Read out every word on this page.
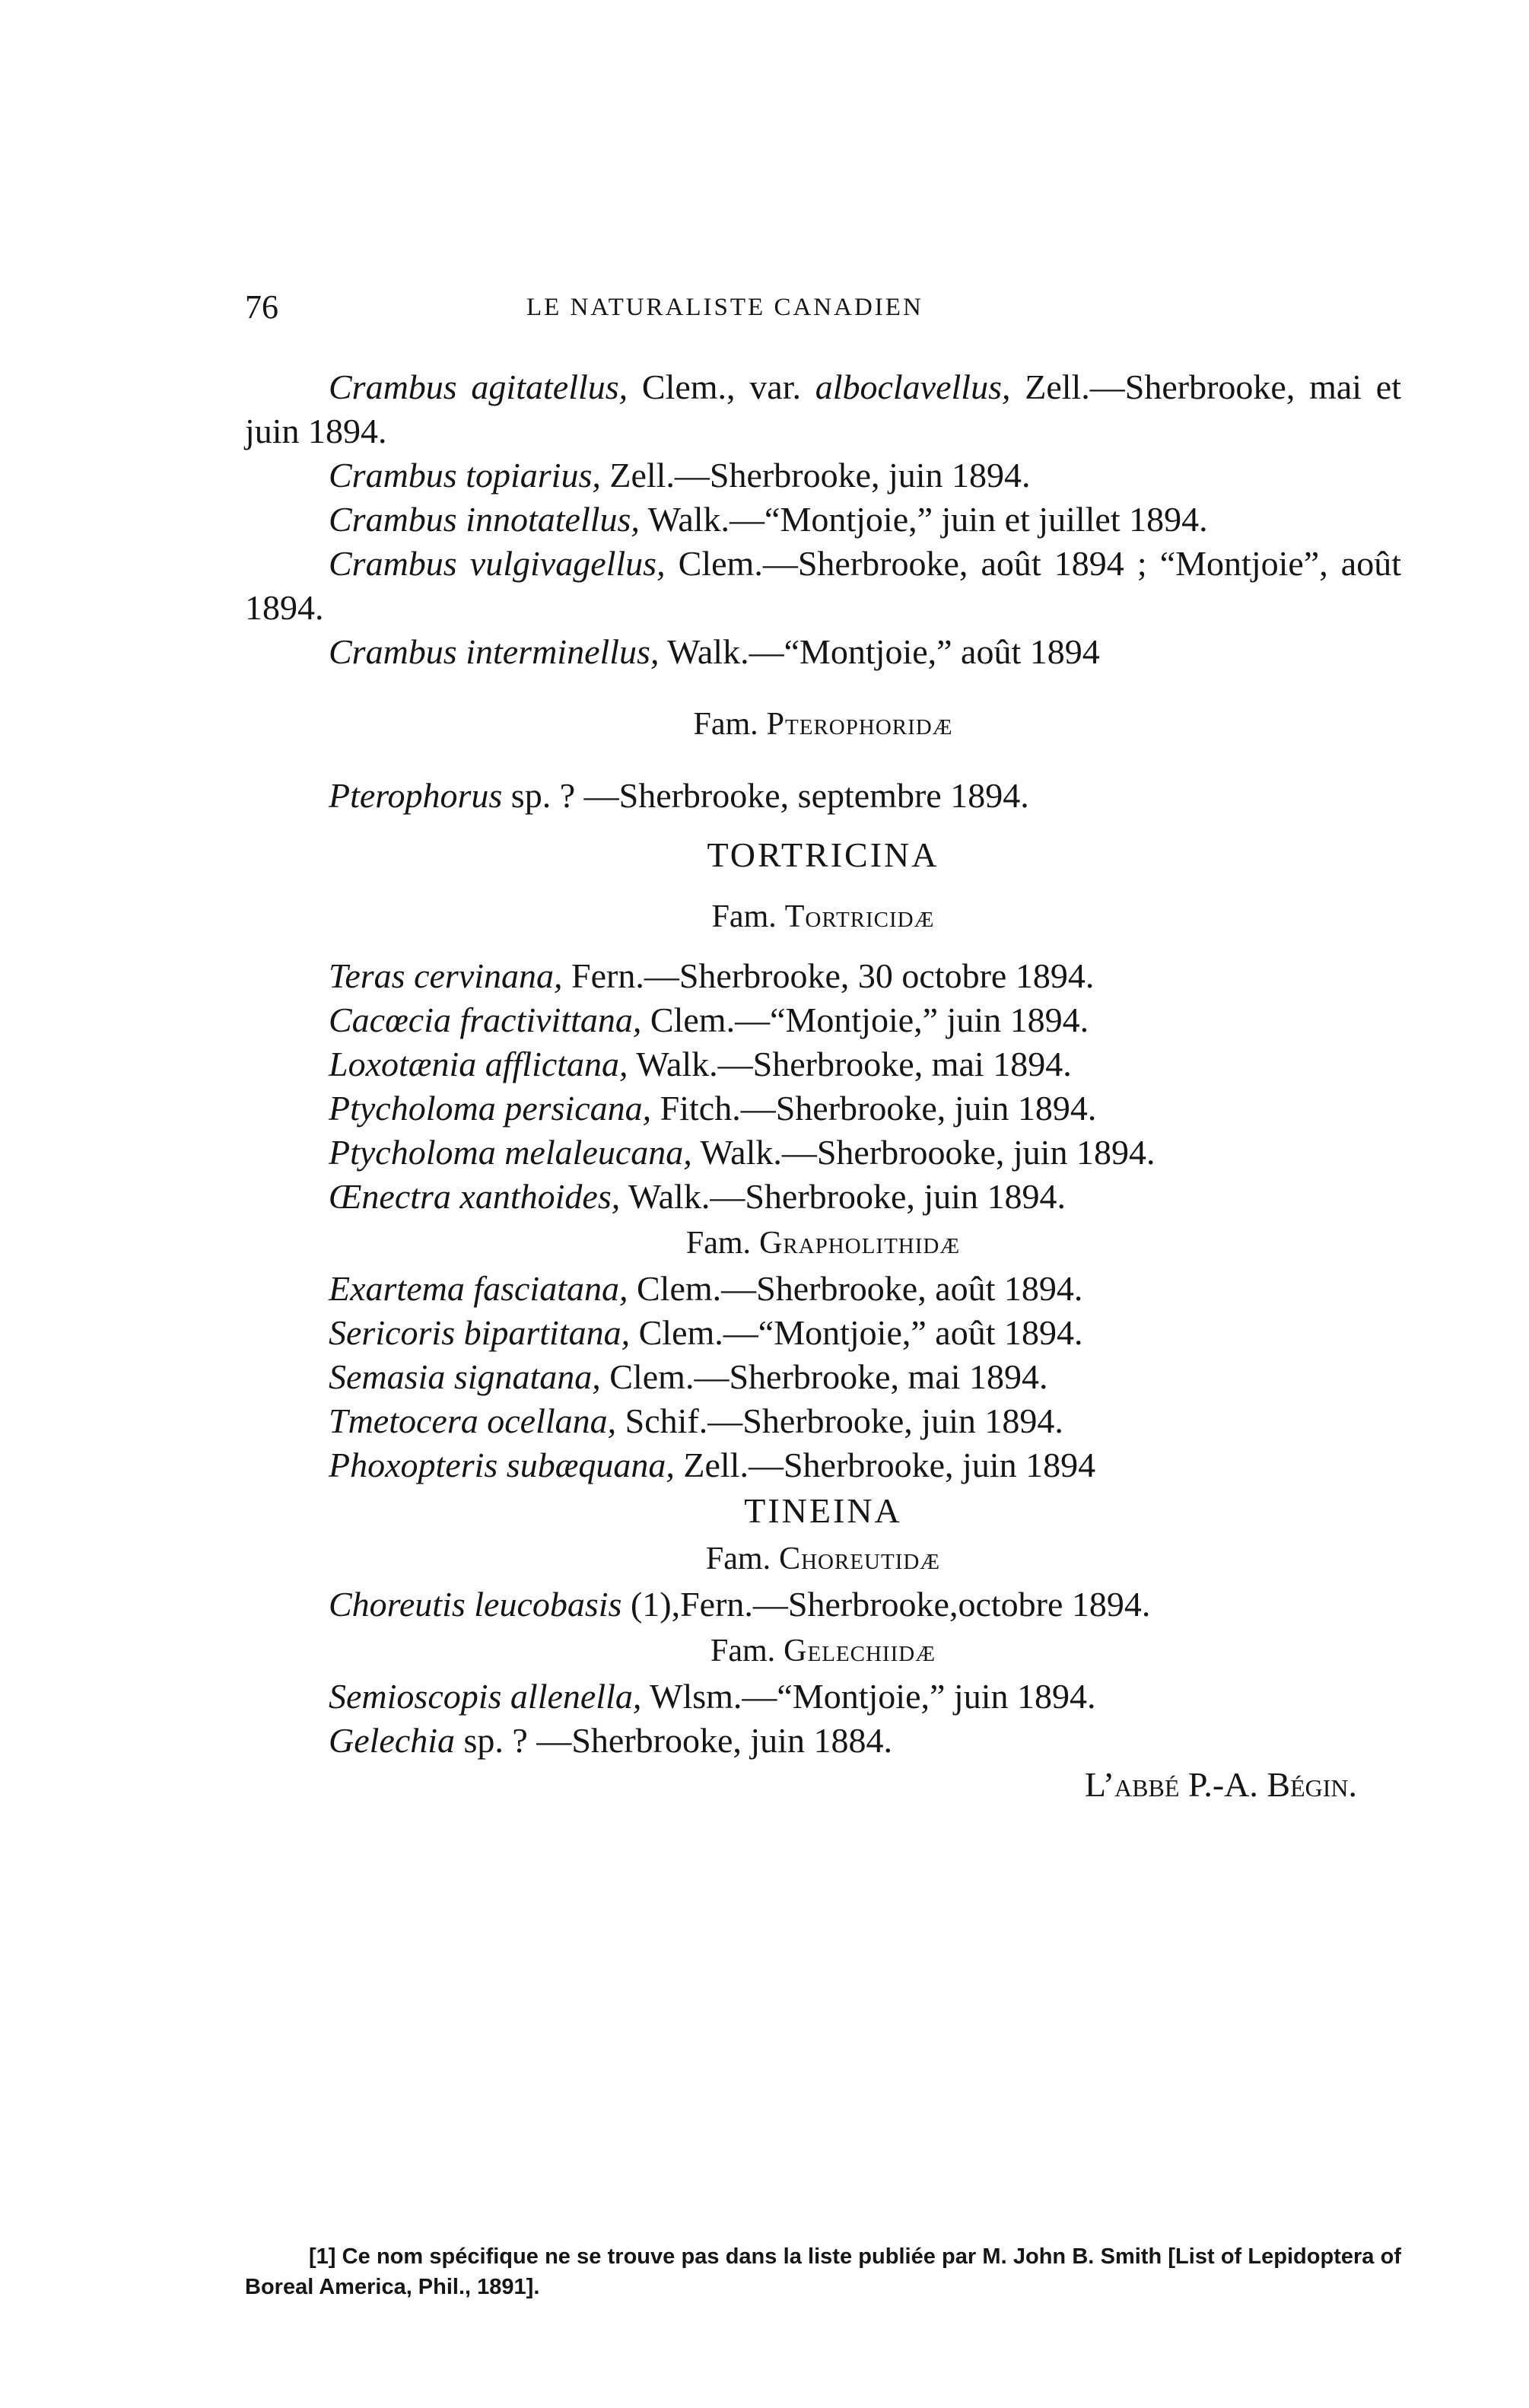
76	LE NATURALISTE CANADIEN

Crambus agitatellus, Clem., var. alboclavellus, Zell.—Sherbrooke, mai et juin 1894.

Crambus topiarius, Zell.—Sherbrooke, juin 1894.

Crambus innotatellus, Walk.—“Montjoie,” juin et juillet 1894.

Crambus vulgivagellus, Clem.—Sherbrooke, août 1894 ; “Montjoie”, août 1894.

Crambus interminellus, Walk.—“Montjoie,” août 1894

Fam. Pterophoridæ

Pterophorus sp. ? —Sherbrooke, septembre 1894.

TORTRICINA
Fam. Tortricidæ

Teras cervinana, Fern.—Sherbrooke, 30 octobre 1894.

Cacœcia fractivittana, Clem.—“Montjoie,” juin 1894.

Loxotænia afflictana, Walk.—Sherbrooke, mai 1894.

Ptycholoma persicana, Fitch.—Sherbrooke, juin 1894.

Ptycholoma melaleucana, Walk.—Sherbroooke, juin 1894.

Œnectra xanthoides, Walk.—Sherbrooke, juin 1894.

Fam. Grapholithidæ

Exartema fasciatana, Clem.—Sherbrooke, août 1894.

Sericoris bipartitana, Clem.—“Montjoie,” août 1894.

Semasia signatana, Clem.—Sherbrooke, mai 1894.

Tmetocera ocellana, Schif.—Sherbrooke, juin 1894.

Phoxopteris subæquana, Zell.—Sherbrooke, juin 1894

TINEINA
Fam. Choreutidæ

Choreutis leucobasis (1),Fern.—Sherbrooke,octobre 1894.

Fam. Gelechiidæ

Semioscopis allenella, Wlsm.—“Montjoie,” juin 1894.

Gelechia sp. ? —Sherbrooke, juin 1884.

L’abbé P.-A. Bégin.
[1] Ce nom spécifique ne se trouve pas dans la liste publiée par M. John B. Smith [List of Lepidoptera of Boreal America, Phil., 1891].
